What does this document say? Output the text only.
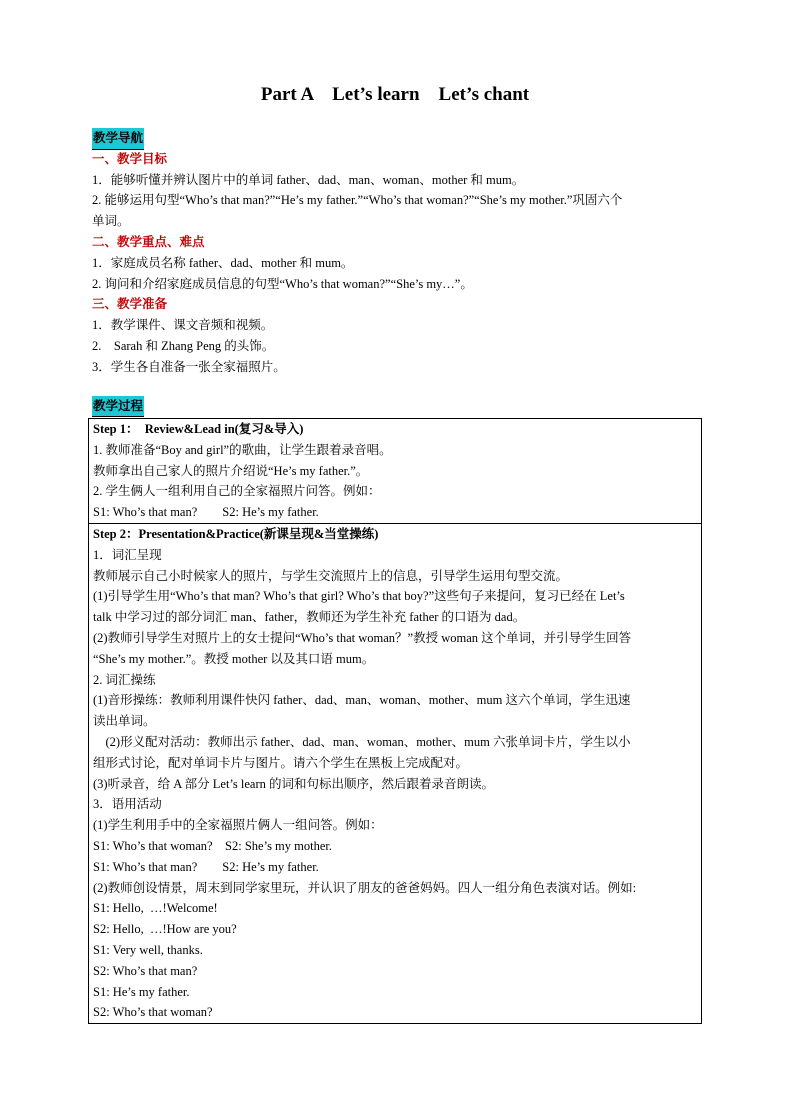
Part A    Let’s learn    Let’s chant
教学导航
一、教学目标
1．能够听懂并辨认图片中的单词 father、dad、man、woman、mother 和 mum。
2. 能够运用句型“Who’s that man?”“He’s my father.”“Who’s that woman?”“She’s my mother.”巩固六个
单词。
二、教学重点、难点
1．家庭成员名称 father、dad、mother 和 mum。
2. 询问和介绍家庭成员信息的句型“Who’s that woman?”“She’s my…”。
三、教学准备
1．教学课件、课文音频和视频。
2.    Sarah 和 Zhang Peng 的头饰。
3．学生各自准备一张全家福照片。
教学过程
Step 1：  Review&Lead in(复习&导入)
1. 教师准备“Boy and girl”的歌曲，让学生跟着录音唱。
教师拿出自己家人的照片介绍说“He’s my father.”。
2. 学生俩人一组利用自己的全家福照片问答。例如：
S1: Who’s that man?        S2: He’s my father.
Step 2：Presentation&Practice(新课呈现&当堂操练)
1．词汇呈现
教师展示自己小时候家人的照片，与学生交流照片上的信息，引导学生运用句型交流。
(1)引导学生用“Who’s that man? Who’s that girl? Who’s that boy?”这些句子来提问，复习已经在 Let’s
talk 中学习过的部分词汇 man、father，教师还为学生补充 father 的口语为 dad。
(2)教师引导学生对照片上的女士提问“Who’s that woman？”教授 woman 这个单词，并引导学生回答
“She’s my mother.”。教授 mother 以及其口语 mum。
2. 词汇操练
(1)音形操练：教师利用课件快闪 father、dad、man、woman、mother、mum 这六个单词，学生迅速
读出单词。
(2)形义配对活动：教师出示 father、dad、man、woman、mother、mum 六张单词卡片，学生以小
组形式讨论，配对单词卡片与图片。请六个学生在黑板上完成配对。
(3)听录音，给 A 部分 Let’s learn 的词和句标出顺序，然后跟着录音朗读。
3．语用活动
(1)学生利用手中的全家福照片俩人一组问答。例如：
S1: Who’s that woman?    S2: She’s my mother.
S1: Who’s that man?        S2: He’s my father.
(2)教师创设情景，周末到同学家里玩，并认识了朋友的爸爸妈妈。四人一组分角色表演对话。例如:
S1: Hello,  …!Welcome!
S2: Hello,  …!How are you?
S1: Very well, thanks.
S2: Who’s that man?
S1: He’s my father.
S2: Who’s that woman?
